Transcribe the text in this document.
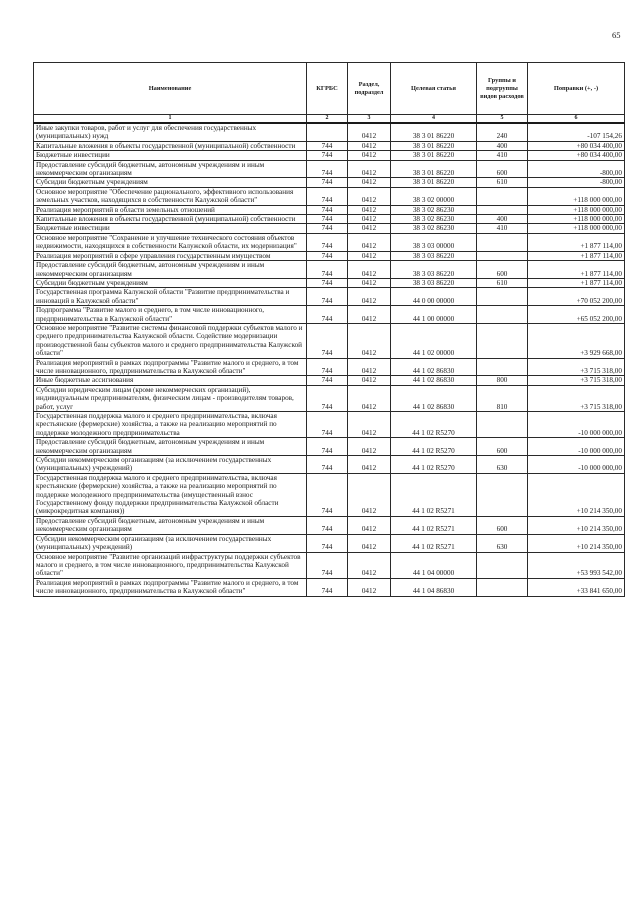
65
Наименование	КГРБС	Раздел, подраздел	Целевая статья	Группы и подгруппы видов расходов	Поправки (+, -)
1	2	3	4	5	6
Иные закупки товаров, работ и услуг для обеспечения государственных (муниципальных) нужд		0412	38 3 01 86220	240	-107 154,26
Капитальные вложения в объекты государственной (муниципальной) собственности	744	0412	38 3 01 86220	400	+80 034 400,00
Бюджетные инвестиции	744	0412	38 3 01 86220	410	+80 034 400,00
Предоставление субсидий бюджетным, автономным учреждениям и иным некоммерческим организациям	744	0412	38 3 01 86220	600	-800,00
Субсидии бюджетным учреждениям	744	0412	38 3 01 86220	610	-800,00
Основное мероприятие "Обеспечение рационального, эффективного использования земельных участков, находящихся в собственности Калужской области"	744	0412	38 3 02 00000		+118 000 000,00
Реализация мероприятий в области земельных отношений	744	0412	38 3 02 86230		+118 000 000,00
Капитальные вложения в объекты государственной (муниципальной) собственности	744	0412	38 3 02 86230	400	+118 000 000,00
Бюджетные инвестиции	744	0412	38 3 02 86230	410	+118 000 000,00
Основное мероприятие "Сохранение и улучшение технического состояния объектов недвижимости, находящихся в собственности Калужской области, их модернизация"	744	0412	38 3 03 00000		+1 877 114,00
Реализация мероприятий в сфере управления государственным имуществом	744	0412	38 3 03 86220		+1 877 114,00
Предоставление субсидий бюджетным, автономным учреждениям и иным некоммерческим организациям	744	0412	38 3 03 86220	600	+1 877 114,00
Субсидии бюджетным учреждениям	744	0412	38 3 03 86220	610	+1 877 114,00
Государственная программа Калужской области "Развитие предпринимательства и инноваций в Калужской области"	744	0412	44 0 00 00000		+70 052 200,00
Подпрограмма "Развитие малого и среднего, в том числе инновационного, предпринимательства в Калужской области"	744	0412	44 1 00 00000		+65 052 200,00
Основное мероприятие "Развитие системы финансовой поддержки субъектов малого и среднего предпринимательства Калужской области. Содействие модернизации производственной базы субъектов малого и среднего предпринимательства Калужской области"	744	0412	44 1 02 00000		+3 929 668,00
Реализация мероприятий в рамках подпрограммы "Развитие малого и среднего, в том числе инновационного, предпринимательства в Калужской области"	744	0412	44 1 02 86830		+3 715 318,00
Иные бюджетные ассигнования	744	0412	44 1 02 86830	800	+3 715 318,00
Субсидии юридическим лицам (кроме некоммерческих организаций), индивидуальным предпринимателям, физическим лицам - производителям товаров, работ, услуг	744	0412	44 1 02 86830	810	+3 715 318,00
Государственная поддержка малого и среднего предпринимательства, включая крестьянские (фермерские) хозяйства, а также на реализацию мероприятий по поддержке молодежного предпринимательства	744	0412	44 1 02 R5270		-10 000 000,00
Предоставление субсидий бюджетным, автономным учреждениям и иным некоммерческим организациям	744	0412	44 1 02 R5270	600	-10 000 000,00
Субсидии некоммерческим организациям (за исключением государственных (муниципальных) учреждений)	744	0412	44 1 02 R5270	630	-10 000 000,00
Государственная поддержка малого и среднего предпринимательства, включая крестьянские (фермерские) хозяйства, а также на реализацию мероприятий по поддержке молодежного предпринимательства (имущественный взнос Государственному фонду поддержки предпринимательства Калужской области (микрокредитная компания))	744	0412	44 1 02 R5271		+10 214 350,00
Предоставление субсидий бюджетным, автономным учреждениям и иным некоммерческим организациям	744	0412	44 1 02 R5271	600	+10 214 350,00
Субсидии некоммерческим организациям (за исключением государственных (муниципальных) учреждений)	744	0412	44 1 02 R5271	630	+10 214 350,00
Основное мероприятие "Развитие организаций инфраструктуры поддержки субъектов малого и среднего, в том числе инновационного, предпринимательства Калужской области"	744	0412	44 1 04 00000		+53 993 542,00
Реализация мероприятий в рамках подпрограммы "Развитие малого и среднего, в том числе инновационного, предпринимательства в Калужской области"	744	0412	44 1 04 86830		+33 841 650,00
